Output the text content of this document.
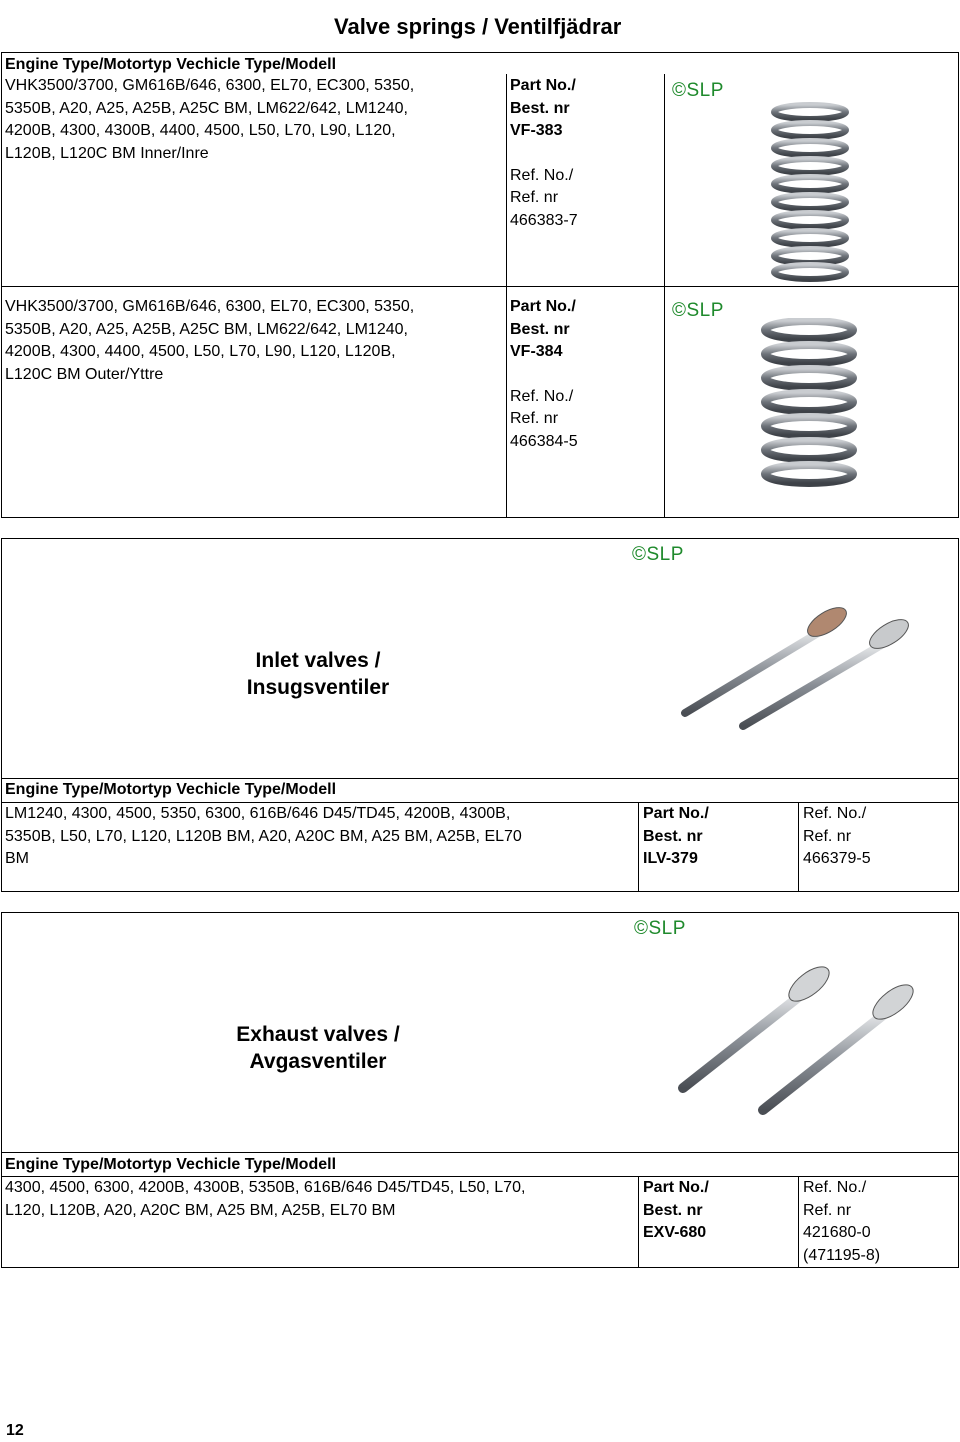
Valve springs / Ventilfjädrar
Engine Type/Motortyp Vechicle Type/Modell
VHK3500/3700, GM616B/646, 6300, EL70, EC300, 5350,
5350B, A20, A25, A25B, A25C BM, LM622/642, LM1240,
4200B, 4300, 4300B, 4400, 4500, L50, L70, L90, L120,
L120B, L120C BM Inner/Inre
Part No./
Best. nr
VF-383
Ref. No./
Ref. nr
466383-7
©SLP
VHK3500/3700, GM616B/646, 6300, EL70, EC300, 5350,
5350B, A20, A25, A25B, A25C BM, LM622/642, LM1240,
4200B, 4300, 4400, 4500, L50, L70, L90, L120, L120B,
L120C BM Outer/Yttre
Part No./
Best. nr
VF-384
Ref. No./
Ref. nr
466384-5
©SLP
Inlet valves /
Insugsventiler
©SLP
Engine Type/Motortyp Vechicle Type/Modell
LM1240, 4300, 4500, 5350, 6300, 616B/646 D45/TD45, 4200B, 4300B,
5350B, L50, L70, L120, L120B BM, A20, A20C BM, A25 BM, A25B, EL70
BM
Part No./
Best. nr
ILV-379
Ref. No./
Ref. nr
466379-5
Exhaust valves /
Avgasventiler
©SLP
Engine Type/Motortyp Vechicle Type/Modell
4300, 4500, 6300, 4200B, 4300B, 5350B, 616B/646 D45/TD45, L50, L70,
L120, L120B, A20, A20C BM, A25 BM, A25B, EL70 BM
Part No./
Best. nr
EXV-680
Ref. No./
Ref. nr
421680-0
(471195-8)
12
